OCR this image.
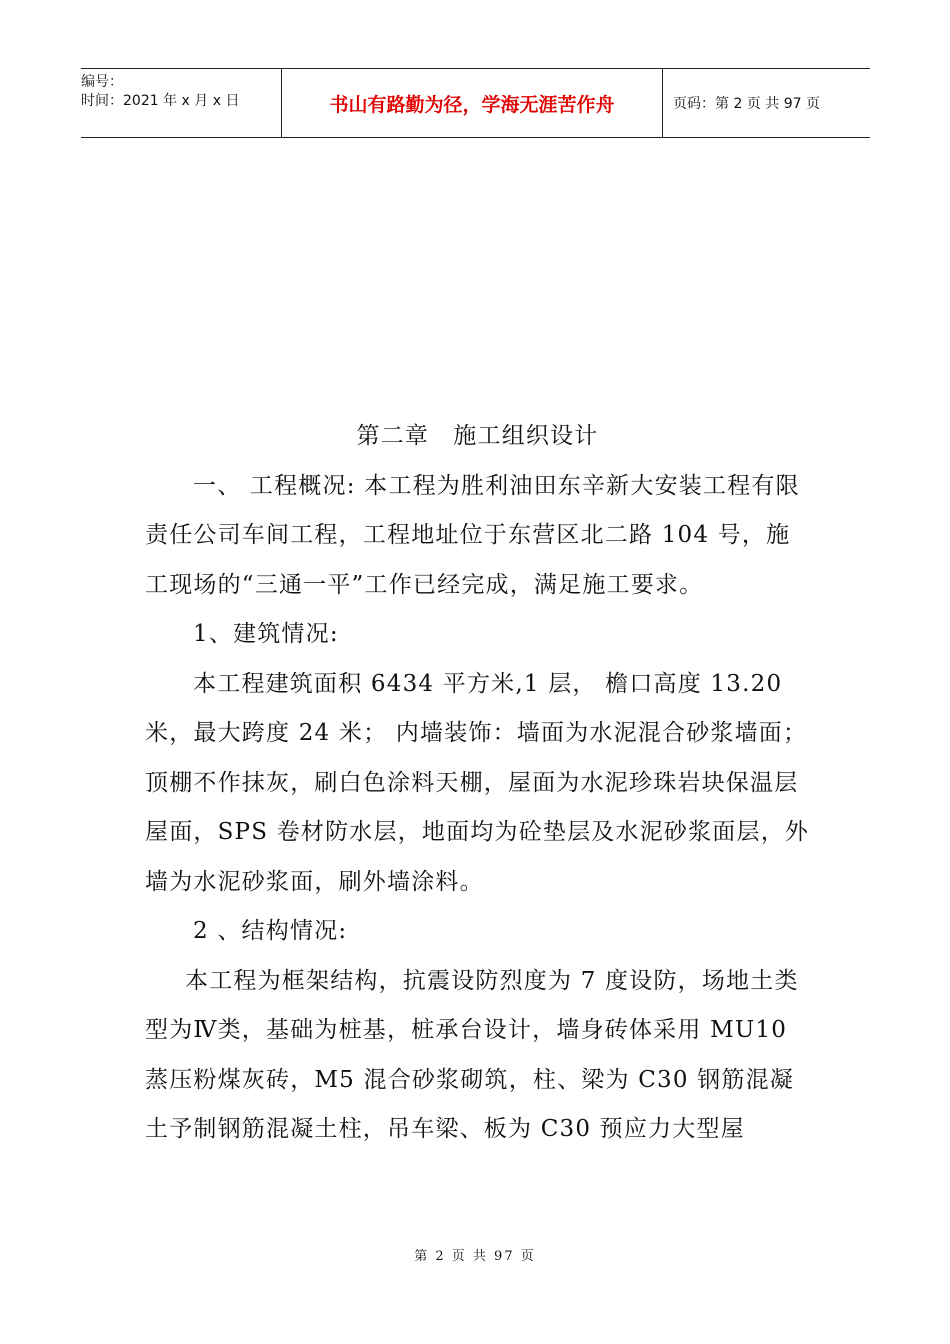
编号：
时间：2021 年 x 月 x 日	书山有路勤为径，学海无涯苦作舟	页码：第 2 页 共 97 页

第二章　施工组织设计

一、 工程概况: 本工程为胜利油田东辛新大安装工程有限责任公司车间工程，工程地址位于东营区北二路 104 号，施工现场的“三通一平”工作已经完成，满足施工要求。

1、建筑情况:

本工程建筑面积 6434 平方米,1 层， 檐口高度 13.20 米，最大跨度 24 米； 内墙装饰：墙面为水泥混合砂浆墙面；顶棚不作抹灰，刷白色涂料天棚，屋面为水泥珍珠岩块保温层屋面，SPS 卷材防水层，地面均为砼垫层及水泥砂浆面层，外墙为水泥砂浆面，刷外墙涂料。

2 、结构情况:

本工程为框架结构，抗震设防烈度为 7 度设防，场地土类型为Ⅳ类，基础为桩基，桩承台设计，墙身砖体采用 MU10 蒸压粉煤灰砖，M5 混合砂浆砌筑，柱、梁为 C30 钢筋混凝土予制钢筋混凝土柱，吊车梁、板为 C30 预应力大型屋

第 2 页 共 97 页
